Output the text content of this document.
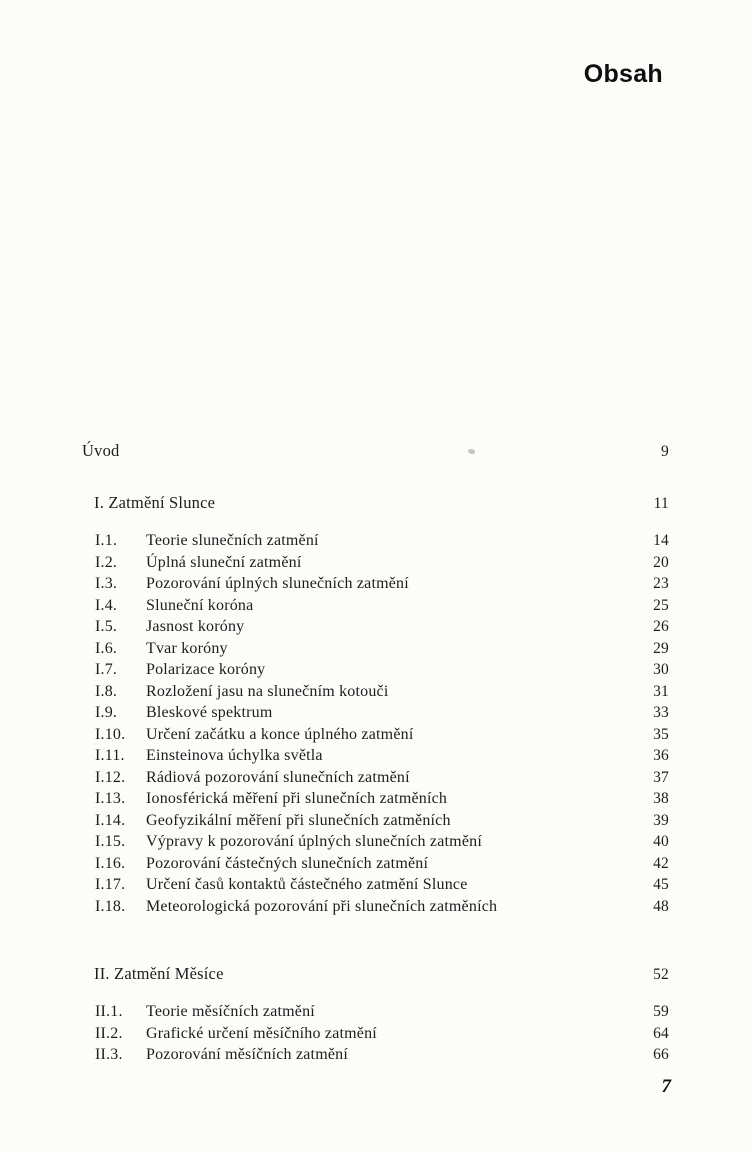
Obsah
Úvod	9
I. Zatmění Slunce	11
I.1.	Teorie slunečních zatmění	14
I.2.	Úplná sluneční zatmění	20
I.3.	Pozorování úplných slunečních zatmění	23
I.4.	Sluneční koróna	25
I.5.	Jasnost koróny	26
I.6.	Tvar koróny	29
I.7.	Polarizace koróny	30
I.8.	Rozložení jasu na slunečním kotouči	31
I.9.	Bleskové spektrum	33
I.10.	Určení začátku a konce úplného zatmění	35
I.11.	Einsteinova úchylka světla	36
I.12.	Rádiová pozorování slunečních zatmění	37
I.13.	Ionosférická měření při slunečních zatměních	38
I.14.	Geofyzikální měření při slunečních zatměních	39
I.15.	Výpravy k pozorování úplných slunečních zatmění	40
I.16.	Pozorování částečných slunečních zatmění	42
I.17.	Určení časů kontaktů částečného zatmění Slunce	45
I.18.	Meteorologická pozorování při slunečních zatměních	48
II. Zatmění Měsíce	52
II.1.	Teorie měsíčních zatmění	59
II.2.	Grafické určení měsíčního zatmění	64
II.3.	Pozorování měsíčních zatmění	66
7
